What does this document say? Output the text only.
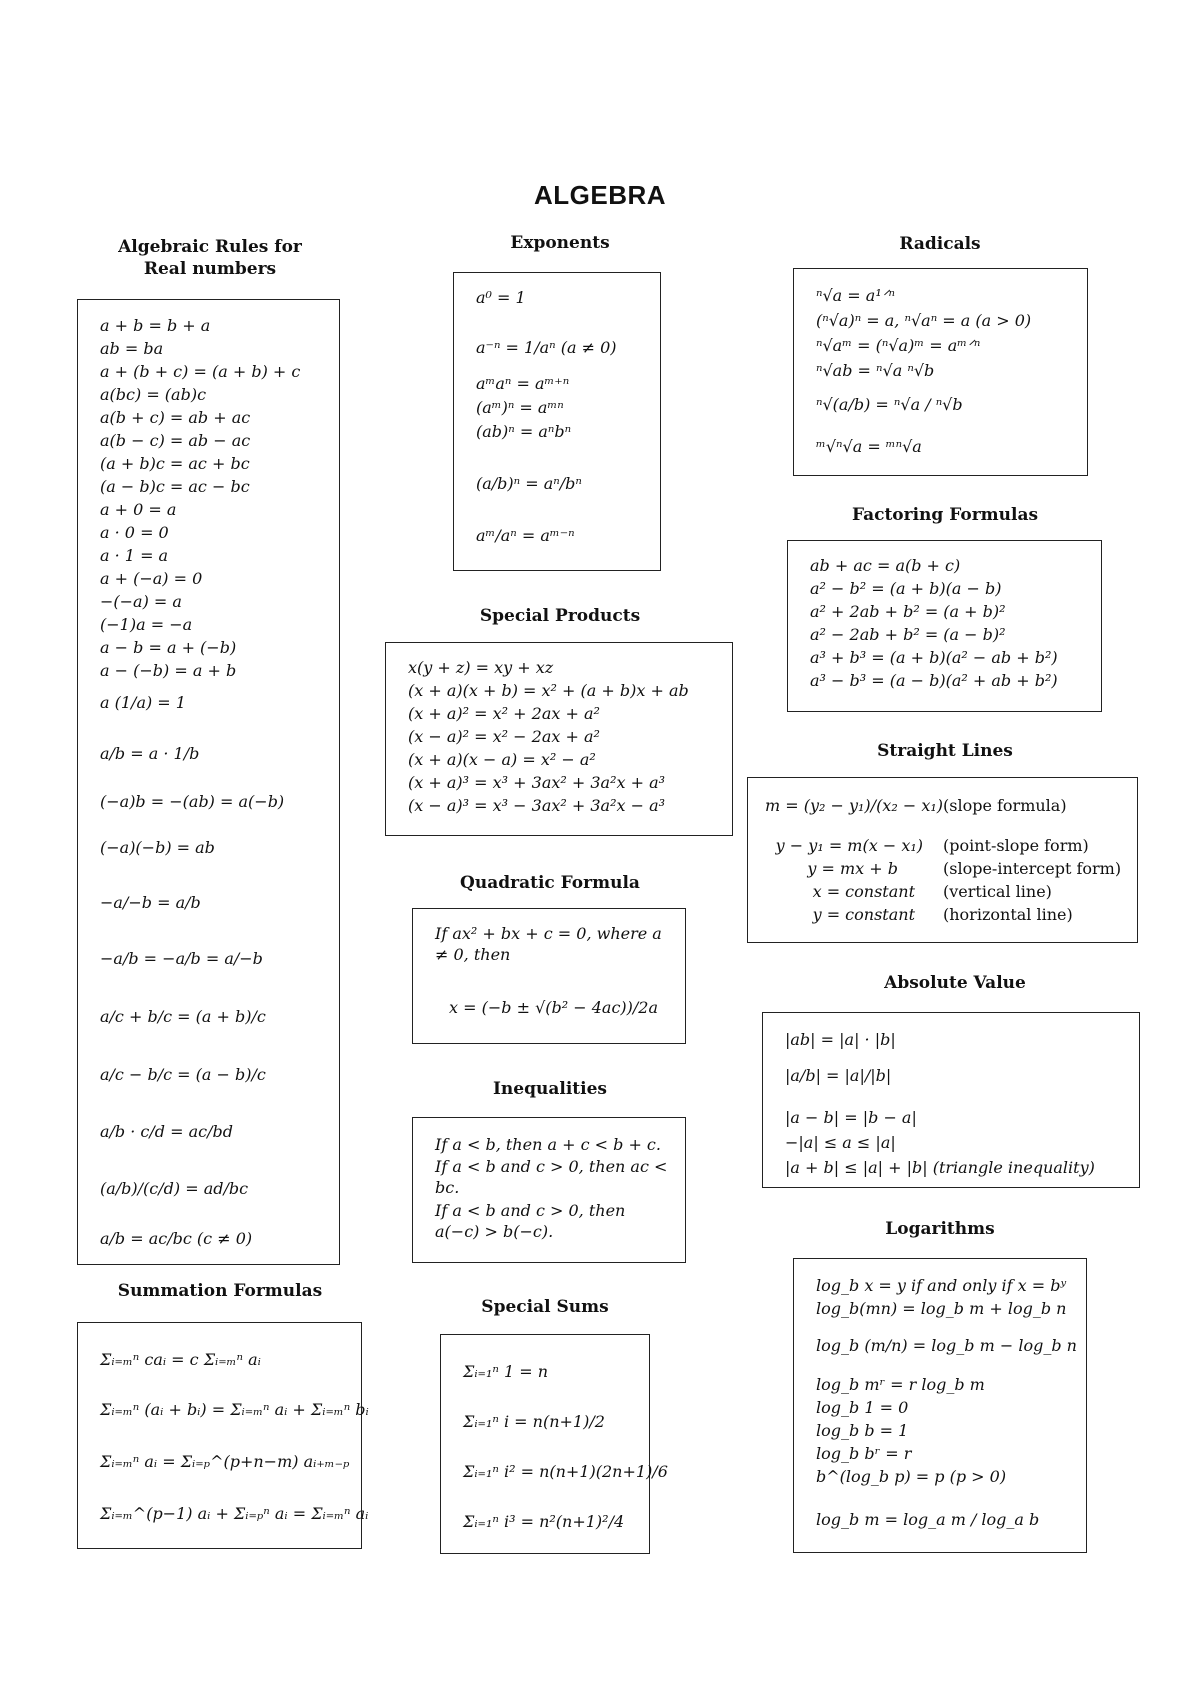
ALGEBRA
Algebraic Rules for
Real numbers
a + b = b + a
ab = ba
a + (b + c) = (a + b) + c
a(bc) = (ab)c
a(b + c) = ab + ac
a(b − c) = ab − ac
(a + b)c = ac + bc
(a − b)c = ac − bc
a + 0 = a
a · 0 = 0
a · 1 = a
a + (−a) = 0
−(−a) = a
(−1)a = −a
a − b = a + (−b)
a − (−b) = a + b
a (1/a) = 1
a/b = a · 1/b
(−a)b = −(ab) = a(−b)
(−a)(−b) = ab
−a/−b = a/b
−a/b = −a/b = a/−b
a/c + b/c = (a + b)/c
a/c − b/c = (a − b)/c
a/b · c/d = ac/bd
(a/b)/(c/d) = ad/bc
a/b = ac/bc (c ≠ 0)
Exponents
a⁰ = 1
a⁻ⁿ = 1/aⁿ (a ≠ 0)
aᵐaⁿ = aᵐ⁺ⁿ
(aᵐ)ⁿ = aᵐⁿ
(ab)ⁿ = aⁿbⁿ
(a/b)ⁿ = aⁿ/bⁿ
aᵐ/aⁿ = aᵐ⁻ⁿ
Radicals
ⁿ√a = a¹ᐟⁿ
(ⁿ√a)ⁿ = a, ⁿ√aⁿ = a (a > 0)
ⁿ√aᵐ = (ⁿ√a)ᵐ = aᵐᐟⁿ
ⁿ√ab = ⁿ√a ⁿ√b
ⁿ√(a/b) = ⁿ√a / ⁿ√b
ᵐ√ⁿ√a = ᵐⁿ√a
Factoring Formulas
ab + ac = a(b + c)
a² − b² = (a + b)(a − b)
a² + 2ab + b² = (a + b)²
a² − 2ab + b² = (a − b)²
a³ + b³ = (a + b)(a² − ab + b²)
a³ − b³ = (a − b)(a² + ab + b²)
Special Products
x(y + z) = xy + xz
(x + a)(x + b) = x² + (a + b)x + ab
(x + a)² = x² + 2ax + a²
(x − a)² = x² − 2ax + a²
(x + a)(x − a) = x² − a²
(x + a)³ = x³ + 3ax² + 3a²x + a³
(x − a)³ = x³ − 3ax² + 3a²x − a³
Straight Lines
m = (y₂ − y₁)/(x₂ − x₁) (slope formula)
y − y₁ = m(x − x₁) (point-slope form)
y = mx + b	(slope-intercept form)
x = constant (vertical line)
y = constant (horizontal line)
Quadratic Formula
If ax² + bx + c = 0, where a ≠ 0, then
x = (−b ± √(b² − 4ac))/2a
Absolute Value
|ab| = |a| · |b|
|a/b| = |a|/|b|
|a − b| = |b − a|
−|a| ≤ a ≤ |a|
|a + b| ≤ |a| + |b| (triangle inequality)
Inequalities
If a < b, then a + c < b + c.
If a < b and c > 0, then ac < bc.
If a < b and c > 0, then a(−c) > b(−c).	Logarithms
log_b x = y if and only if x = bʸ
log_b(mn) = log_b m + log_b n
log_b (m/n) = log_b m − log_b n
log_b mʳ = r log_b m
log_b 1 = 0
log_b b = 1
log_b bʳ = r
b^(log_b p) = p (p > 0)
log_b m = log_a m / log_a b
Summation Formulas
Σᵢ₌ₘⁿ caᵢ = c Σᵢ₌ₘⁿ aᵢ
Σᵢ₌ₘⁿ (aᵢ + bᵢ) = Σᵢ₌ₘⁿ aᵢ + Σᵢ₌ₘⁿ bᵢ
Σᵢ₌ₘⁿ aᵢ = Σᵢ₌ₚ^(p+n−m) aᵢ₊ₘ₋ₚ
Σᵢ₌ₘ^(p−1) aᵢ + Σᵢ₌ₚⁿ aᵢ = Σᵢ₌ₘⁿ aᵢ
Special Sums
Σᵢ₌₁ⁿ 1 = n
Σᵢ₌₁ⁿ i = n(n+1)/2
Σᵢ₌₁ⁿ i² = n(n+1)(2n+1)/6
Σᵢ₌₁ⁿ i³ = n²(n+1)²/4
